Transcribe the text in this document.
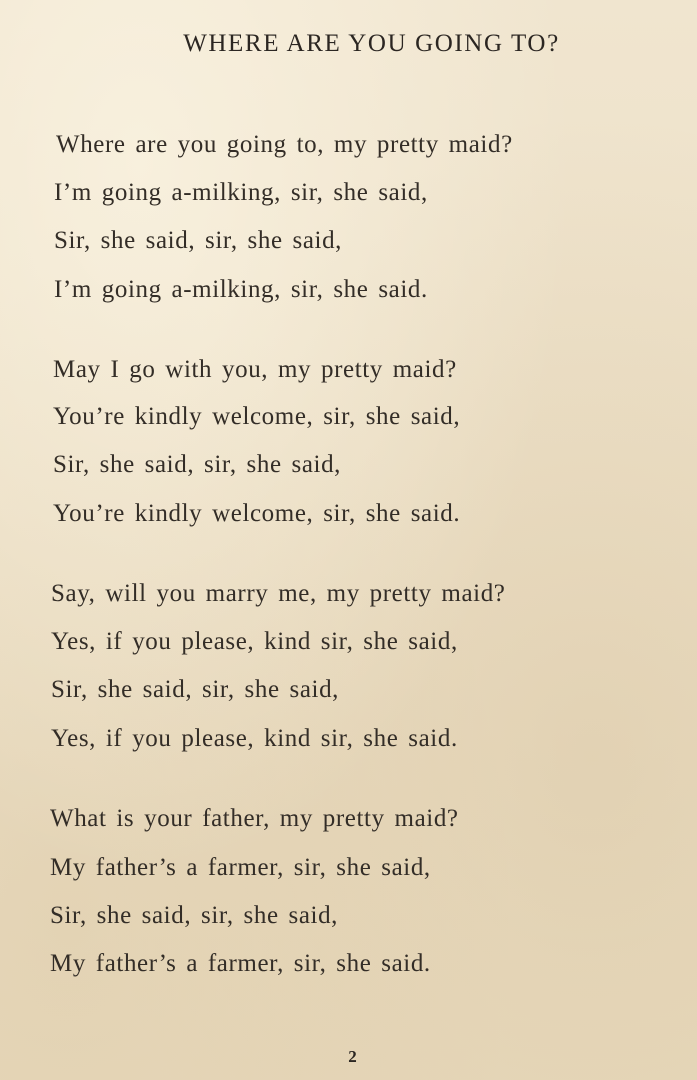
WHERE ARE YOU GOING TO?
Where are you going to, my pretty maid?
I’m going a-milking, sir, she said,
Sir, she said, sir, she said,
I’m going a-milking, sir, she said.
May I go with you, my pretty maid?
You’re kindly welcome, sir, she said,
Sir, she said, sir, she said,
You’re kindly welcome, sir, she said.
Say, will you marry me, my pretty maid?
Yes, if you please, kind sir, she said,
Sir, she said, sir, she said,
Yes, if you please, kind sir, she said.
What is your father, my pretty maid?
My father’s a farmer, sir, she said,
Sir, she said, sir, she said,
My father’s a farmer, sir, she said.
2
